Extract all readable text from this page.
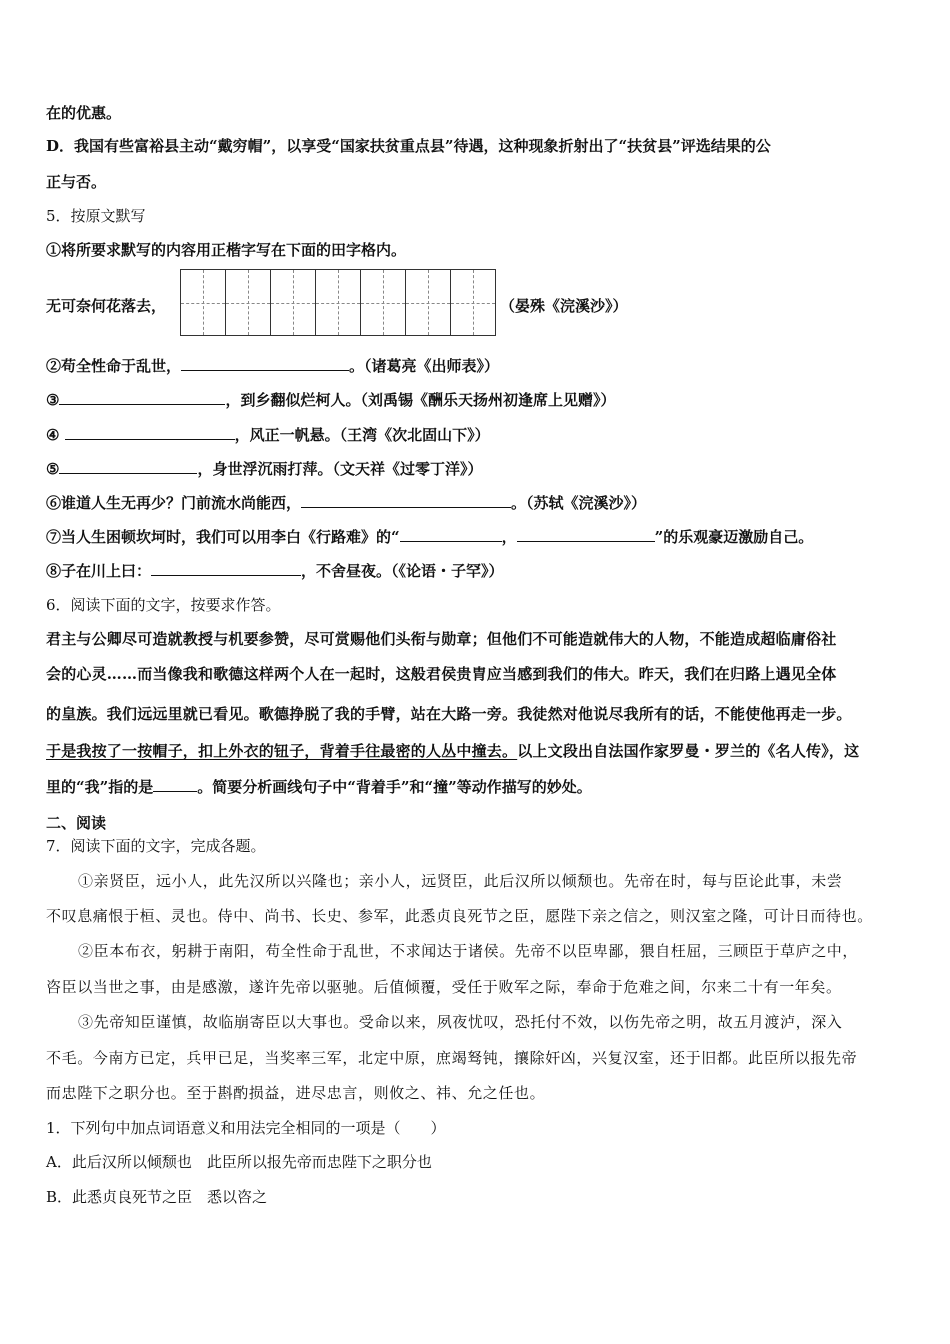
在的优惠。
D．我国有些富裕县主动“戴穷帽”，以享受“国家扶贫重点县”待遇，这种现象折射出了“扶贫县”评选结果的公
正与否。
5．按原文默写
①将所要求默写的内容用正楷字写在下面的田字格内。
无可奈何花落去，	（晏殊《浣溪沙》）
②苟全性命于乱世，	。（诸葛亮《出师表》）
③	，到乡翻似烂柯人。（刘禹锡《酬乐天扬州初逢席上见赠》）
④	，风正一帆悬。（王湾《次北固山下》）
⑤	，身世浮沉雨打萍。（文天祥《过零丁洋》）
⑥谁道人生无再少？门前流水尚能西，	。（苏轼《浣溪沙》）
⑦当人生困顿坎坷时，我们可以用李白《行路难》的“	，	”的乐观豪迈激励自己。
⑧子在川上曰：	，不舍昼夜。（《论语・子罕》）
6．阅读下面的文字，按要求作答。
君主与公卿尽可造就教授与机要参赞，尽可赏赐他们头衔与勋章；但他们不可能造就伟大的人物，不能造成超临庸俗社
会的心灵……而当像我和歌德这样两个人在一起时，这般君侯贵胄应当感到我们的伟大。昨天，我们在归路上遇见全体
的皇族。我们远远里就已看见。歌德挣脱了我的手臂，站在大路一旁。我徒然对他说尽我所有的话，不能使他再走一步。
于是我按了一按帽子，扣上外衣的钮子，背着手往最密的人丛中撞去。以上文段出自法国作家罗曼・罗兰的《名人传》，这
里的“我”指的是	。简要分析画线句子中“背着手”和“撞”等动作描写的妙处。
二、阅读
7．阅读下面的文字，完成各题。
①亲贤臣，远小人，此先汉所以兴隆也；亲小人，远贤臣，此后汉所以倾颓也。先帝在时，每与臣论此事，未尝
不叹息痛恨于桓、灵也。侍中、尚书、长史、参军，此悉贞良死节之臣，愿陛下亲之信之，则汉室之隆，可计日而待也。
②臣本布衣，躬耕于南阳，苟全性命于乱世，不求闻达于诸侯。先帝不以臣卑鄙，猥自枉屈，三顾臣于草庐之中，
咨臣以当世之事，由是感激，遂许先帝以驱驰。后值倾覆，受任于败军之际，奉命于危难之间，尔来二十有一年矣。
③先帝知臣谨慎，故临崩寄臣以大事也。受命以来，夙夜忧叹，恐托付不效，以伤先帝之明，故五月渡泸，深入
不毛。今南方已定，兵甲已足，当奖率三军，北定中原，庶竭驽钝，攘除奸凶，兴复汉室，还于旧都。此臣所以报先帝
而忠陛下之职分也。至于斟酌损益，进尽忠言，则攸之、祎、允之任也。
1．下列句中加点词语意义和用法完全相同的一项是（　　）
A．此后汉所以倾颓也　此臣所以报先帝而忠陛下之职分也
B．此悉贞良死节之臣　悉以咨之
